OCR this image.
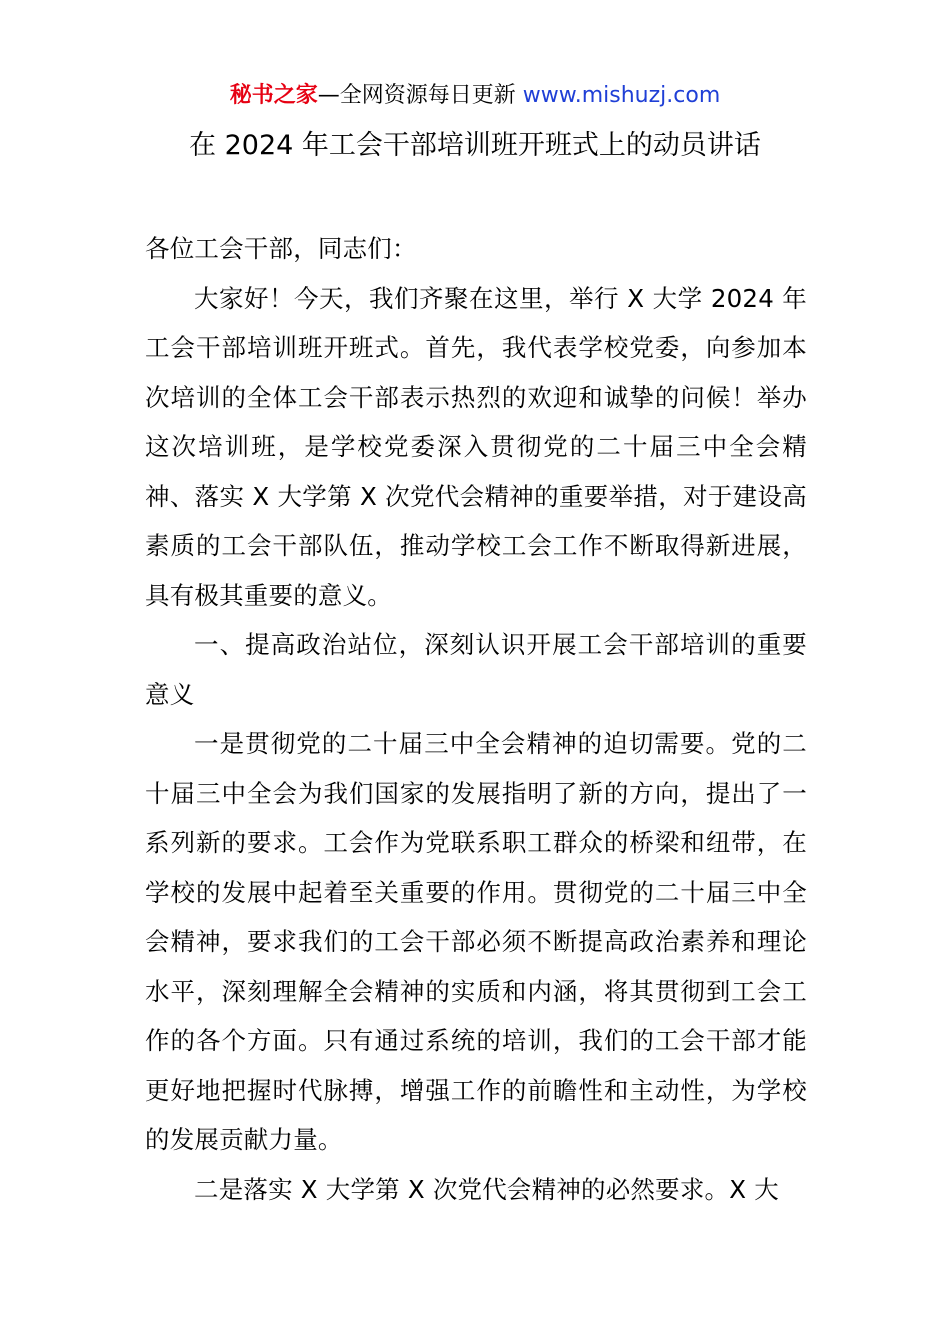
秘书之家—全网资源每日更新 www.mishuzj.com
在 2024 年工会干部培训班开班式上的动员讲话

各位工会干部，同志们：

大家好！今天，我们齐聚在这里，举行 X 大学 2024 年工会干部培训班开班式。首先，我代表学校党委，向参加本次培训的全体工会干部表示热烈的欢迎和诚挚的问候！举办这次培训班，是学校党委深入贯彻党的二十届三中全会精神、落实 X 大学第 X 次党代会精神的重要举措，对于建设高素质的工会干部队伍，推动学校工会工作不断取得新进展，具有极其重要的意义。

一、提高政治站位，深刻认识开展工会干部培训的重要意义

一是贯彻党的二十届三中全会精神的迫切需要。党的二十届三中全会为我们国家的发展指明了新的方向，提出了一系列新的要求。工会作为党联系职工群众的桥梁和纽带，在学校的发展中起着至关重要的作用。贯彻党的二十届三中全会精神，要求我们的工会干部必须不断提高政治素养和理论水平，深刻理解全会精神的实质和内涵，将其贯彻到工会工作的各个方面。只有通过系统的培训，我们的工会干部才能更好地把握时代脉搏，增强工作的前瞻性和主动性，为学校的发展贡献力量。

二是落实 X 大学第 X 次党代会精神的必然要求。X 大
